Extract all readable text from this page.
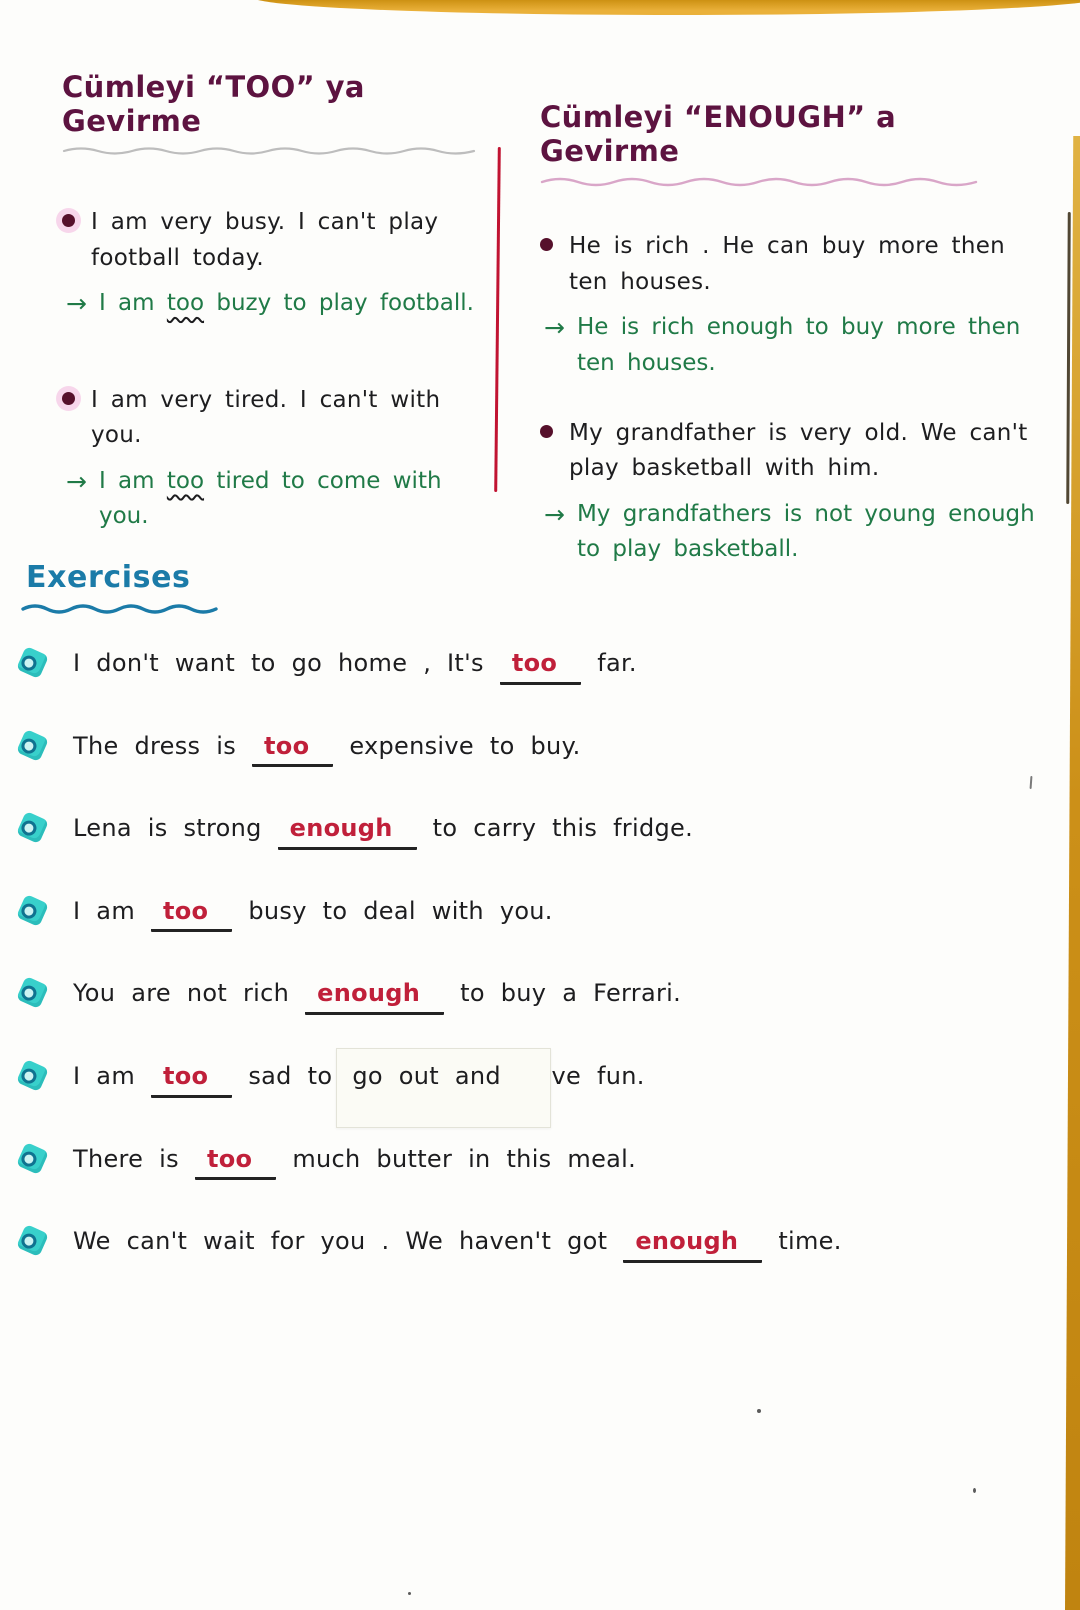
Cümleyi “TOO” ya Gevirme

I am very busy. I can't play football today.

→ I am too buzy to play football.

I am very tired. I can't with you.

→ I am too tired to come with you.

Cümleyi “ENOUGH” a Gevirme

He is rich . He can buy more then ten houses.

→ He is rich enough to buy more then ten houses.

My grandfather is very old. We can't play basketball with him.

→ My grandfathers is not young enough to play basketball.

Exercises

I don't want to go home , It's	too	far.

The dress is	too	expensive to buy.

Lena is strong	enough	to carry this fridge.

I am	too	busy to deal with you.

You are not rich	enough	to buy a Ferrari.

I am	too	sad to go out and have fun.

There is	too	much butter in this meal.

We can't wait for you . We haven't got	enough	time.
